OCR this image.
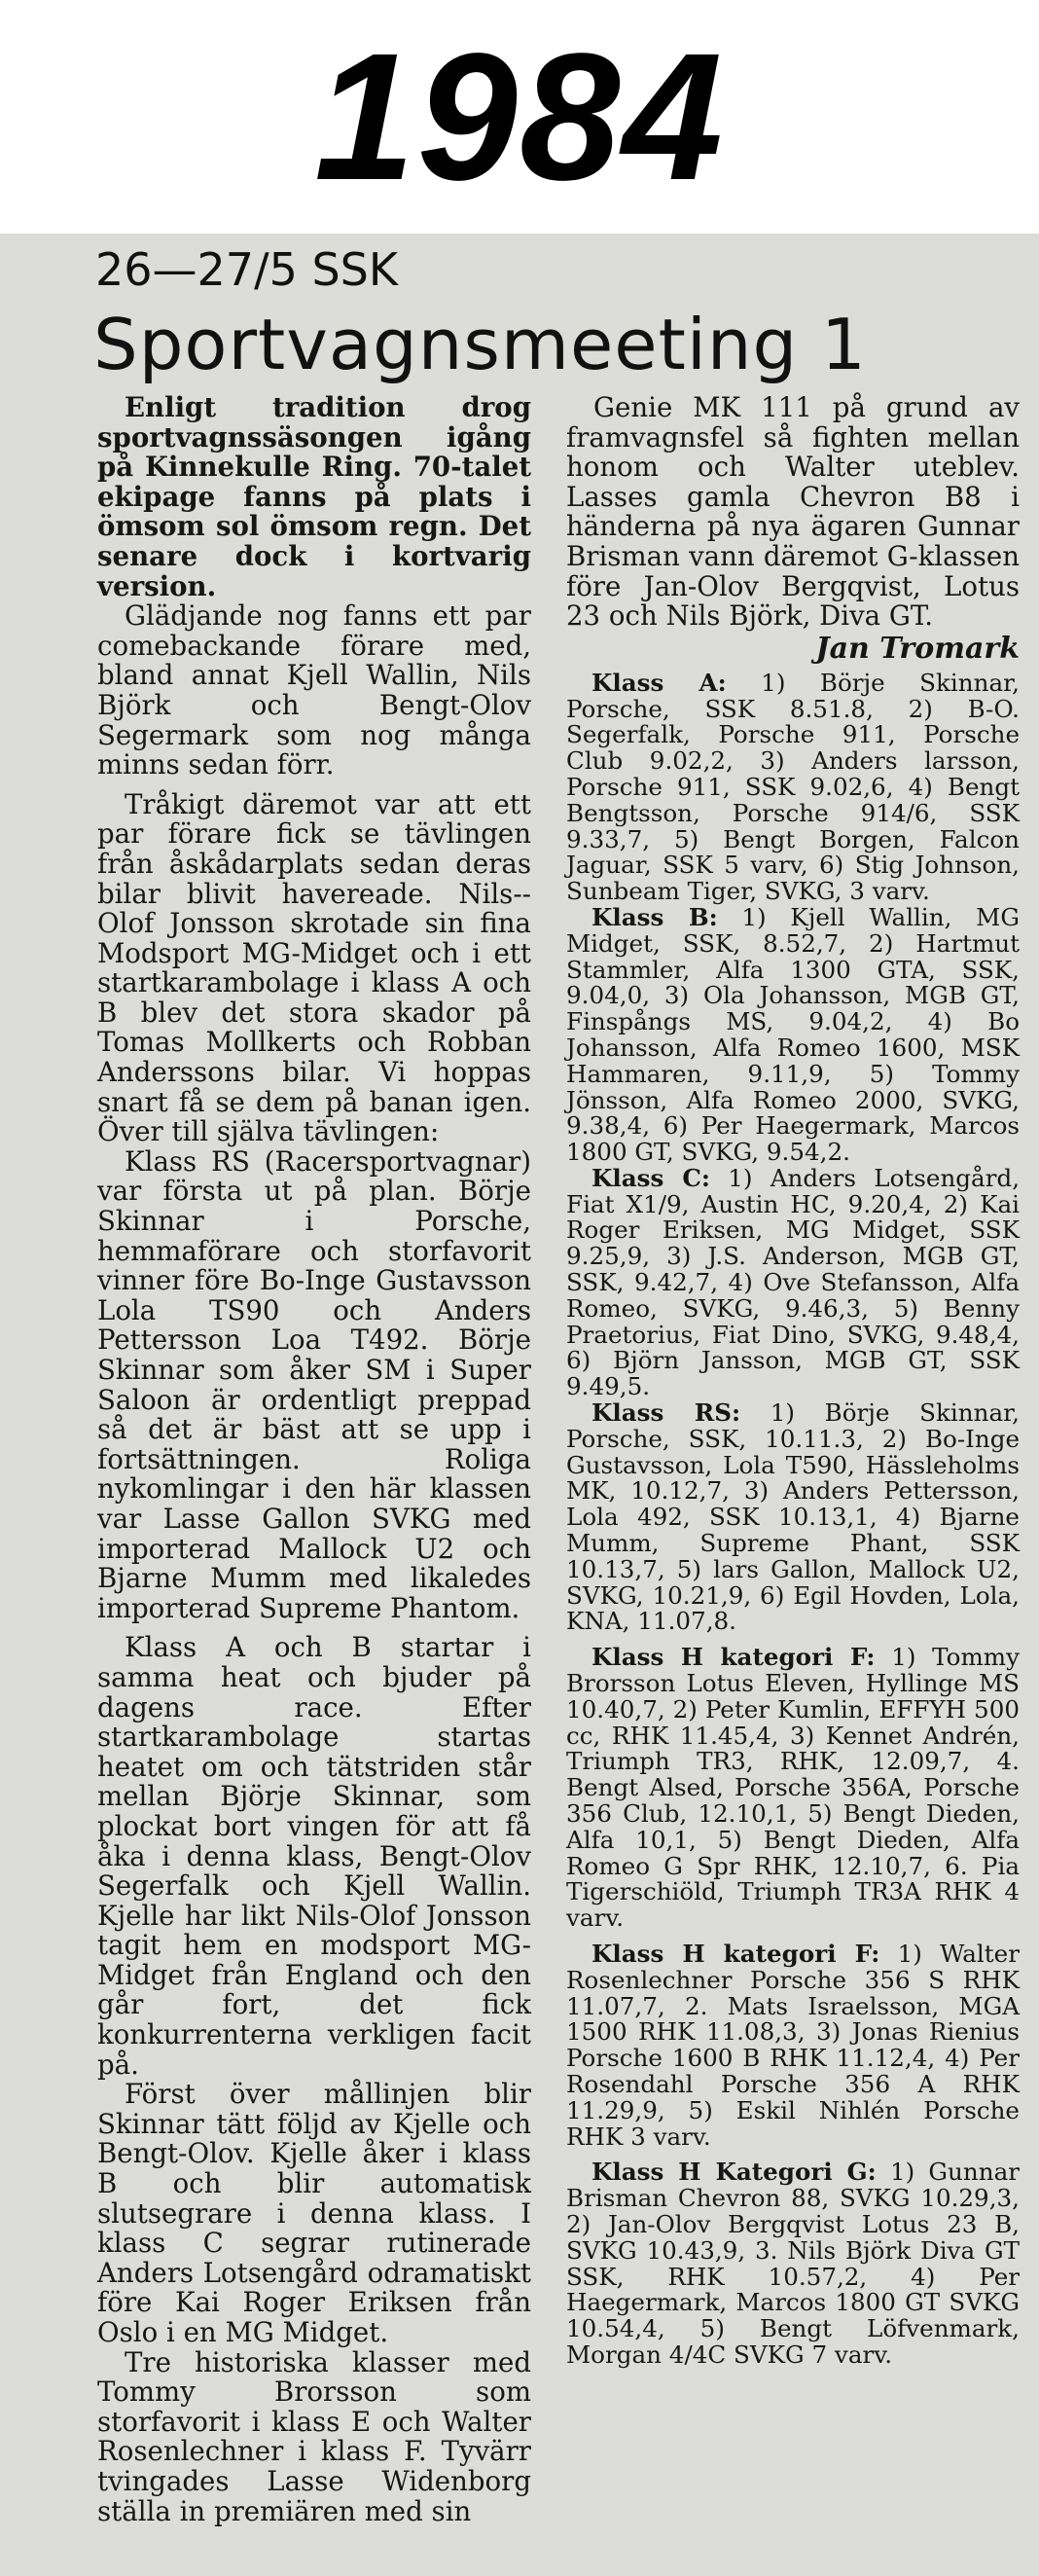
1984
26—27/5 SSK
Sportvagnsmeeting 1

Enligt tradition drog sportvagnssäsongen igång på Kinnekulle Ring. 70-talet ekipage fanns på plats i ömsom sol ömsom regn. Det senare dock i kortvarig version.

Glädjande nog fanns ett par comebackande förare med, bland annat Kjell Wallin, Nils Björk och Bengt-Olov Segermark som nog många minns sedan förr.

Tråkigt däremot var att ett par förare fick se tävlingen från åskådarplats sedan deras bilar blivit havereade. Nils--Olof Jonsson skrotade sin fina Modsport MG-Midget och i ett startkarambolage i klass A och B blev det stora skador på Tomas Mollkerts och Robban Anderssons bilar. Vi hoppas snart få se dem på banan igen. Över till själva tävlingen:

Klass RS (Racersportvagnar) var första ut på plan. Börje Skinnar i Porsche, hemmaförare och storfavorit vinner före Bo-Inge Gustavsson Lola TS90 och Anders Pettersson Loa T492. Börje Skinnar som åker SM i Super Saloon är ordentligt preppad så det är bäst att se upp i fortsättningen. Roliga nykomlingar i den här klassen var Lasse Gallon SVKG med importerad Mallock U2 och Bjarne Mumm med likaledes importerad Supreme Phantom.

Klass A och B startar i samma heat och bjuder på dagens race. Efter startkarambolage startas heatet om och tätstriden står mellan Björje Skinnar, som plockat bort vingen för att få åka i denna klass, Bengt-Olov Segerfalk och Kjell Wallin. Kjelle har likt Nils-Olof Jonsson tagit hem en modsport MG-Midget från England och den går fort, det fick konkurrenterna verkligen facit på.

Först över mållinjen blir Skinnar tätt följd av Kjelle och Bengt-Olov. Kjelle åker i klass B och blir automatisk slutsegrare i denna klass. I klass C segrar rutinerade Anders Lotsengård odramatiskt före Kai Roger Eriksen från Oslo i en MG Midget.

Tre historiska klasser med Tommy Brorsson som storfavorit i klass E och Walter Rosenlechner i klass F. Tyvärr tvingades Lasse Widenborg ställa in premiären med sin

Genie MK 111 på grund av framvagnsfel så fighten mellan honom och Walter uteblev. Lasses gamla Chevron B8 i händerna på nya ägaren Gunnar Brisman vann däremot G-klassen före Jan-Olov Bergqvist, Lotus 23 och Nils Björk, Diva GT.

Jan Tromark

Klass A: 1) Börje Skinnar, Porsche, SSK 8.51.8, 2) B-O. Segerfalk, Porsche 911, Porsche Club 9.02,2, 3) Anders larsson, Porsche 911, SSK 9.02,6, 4) Bengt Bengtsson, Porsche 914/6, SSK 9.33,7, 5) Bengt Borgen, Falcon Jaguar, SSK 5 varv, 6) Stig Johnson, Sunbeam Tiger, SVKG, 3 varv.

Klass B: 1) Kjell Wallin, MG Midget, SSK, 8.52,7, 2) Hartmut Stammler, Alfa 1300 GTA, SSK, 9.04,0, 3) Ola Johansson, MGB GT, Finspångs MS, 9.04,2, 4) Bo Johansson, Alfa Romeo 1600, MSK Hammaren, 9.11,9, 5) Tommy Jönsson, Alfa Romeo 2000, SVKG, 9.38,4, 6) Per Haegermark, Marcos 1800 GT, SVKG, 9.54,2.

Klass C: 1) Anders Lotsengård, Fiat X1/9, Austin HC, 9.20,4, 2) Kai Roger Eriksen, MG Midget, SSK 9.25,9, 3) J.S. Anderson, MGB GT, SSK, 9.42,7, 4) Ove Stefansson, Alfa Romeo, SVKG, 9.46,3, 5) Benny Praetorius, Fiat Dino, SVKG, 9.48,4, 6) Björn Jansson, MGB GT, SSK 9.49,5.

Klass RS: 1) Börje Skinnar, Porsche, SSK, 10.11.3, 2) Bo-Inge Gustavsson, Lola T590, Hässleholms MK, 10.12,7, 3) Anders Pettersson, Lola 492, SSK 10.13,1, 4) Bjarne Mumm, Supreme Phant, SSK 10.13,7, 5) lars Gallon, Mallock U2, SVKG, 10.21,9, 6) Egil Hovden, Lola, KNA, 11.07,8.

Klass H kategori F: 1) Tommy Brorsson Lotus Eleven, Hyllinge MS 10.40,7, 2) Peter Kumlin, EFFYH 500 cc, RHK 11.45,4, 3) Kennet Andrén, Triumph TR3, RHK, 12.09,7, 4. Bengt Alsed, Porsche 356A, Porsche 356 Club, 12.10,1, 5) Bengt Dieden, Alfa 10,1, 5) Bengt Dieden, Alfa Romeo G Spr RHK, 12.10,7, 6. Pia Tigerschiöld, Triumph TR3A RHK 4 varv.

Klass H kategori F: 1) Walter Rosenlechner Porsche 356 S RHK 11.07,7, 2. Mats Israelsson, MGA 1500 RHK 11.08,3, 3) Jonas Rienius Porsche 1600 B RHK 11.12,4, 4) Per Rosendahl Porsche 356 A RHK 11.29,9, 5) Eskil Nihlén Porsche RHK 3 varv.

Klass H Kategori G: 1) Gunnar Brisman Chevron 88, SVKG 10.29,3, 2) Jan-Olov Bergqvist Lotus 23 B, SVKG 10.43,9, 3. Nils Björk Diva GT SSK, RHK 10.57,2, 4) Per Haegermark, Marcos 1800 GT SVKG 10.54,4, 5) Bengt Löfvenmark, Morgan 4/4C SVKG 7 varv.
